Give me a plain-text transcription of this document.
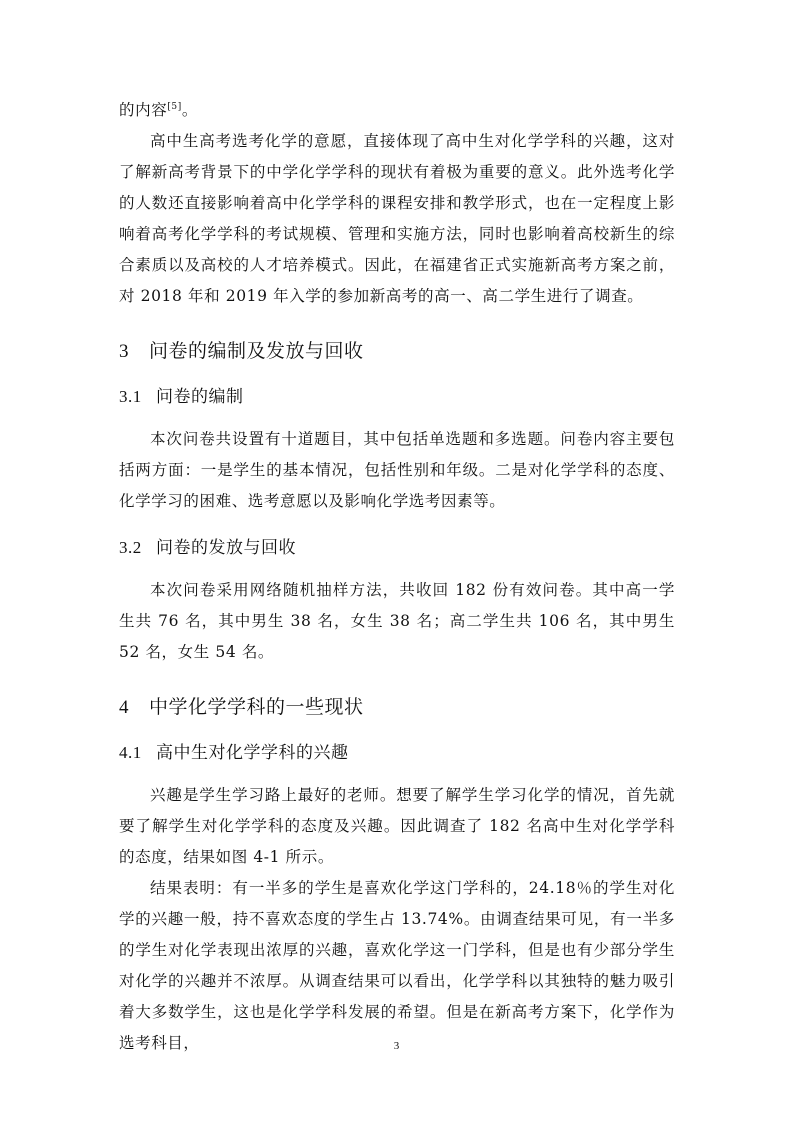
的内容[5]。

高中生高考选考化学的意愿，直接体现了高中生对化学学科的兴趣，这对了解新高考背景下的中学化学学科的现状有着极为重要的意义。此外选考化学的人数还直接影响着高中化学学科的课程安排和教学形式，也在一定程度上影响着高考化学学科的考试规模、管理和实施方法，同时也影响着高校新生的综合素质以及高校的人才培养模式。因此，在福建省正式实施新高考方案之前，对 2018 年和 2019 年入学的参加新高考的高一、高二学生进行了调查。

3 问卷的编制及发放与回收
3.1 问卷的编制

本次问卷共设置有十道题目，其中包括单选题和多选题。问卷内容主要包括两方面：一是学生的基本情况，包括性别和年级。二是对化学学科的态度、化学学习的困难、选考意愿以及影响化学选考因素等。

3.2 问卷的发放与回收

本次问卷采用网络随机抽样方法，共收回 182 份有效问卷。其中高一学生共 76 名，其中男生 38 名，女生 38 名；高二学生共 106 名，其中男生 52 名，女生 54 名。

4 中学化学学科的一些现状
4.1 高中生对化学学科的兴趣

兴趣是学生学习路上最好的老师。想要了解学生学习化学的情况，首先就要了解学生对化学学科的态度及兴趣。因此调查了 182 名高中生对化学学科的态度，结果如图 4-1 所示。

结果表明：有一半多的学生是喜欢化学这门学科的，24.18％的学生对化学的兴趣一般，持不喜欢态度的学生占 13.74%。由调查结果可见，有一半多的学生对化学表现出浓厚的兴趣，喜欢化学这一门学科，但是也有少部分学生对化学的兴趣并不浓厚。从调查结果可以看出，化学学科以其独特的魅力吸引着大多数学生，这也是化学学科发展的希望。但是在新高考方案下，化学作为选考科目，	3
